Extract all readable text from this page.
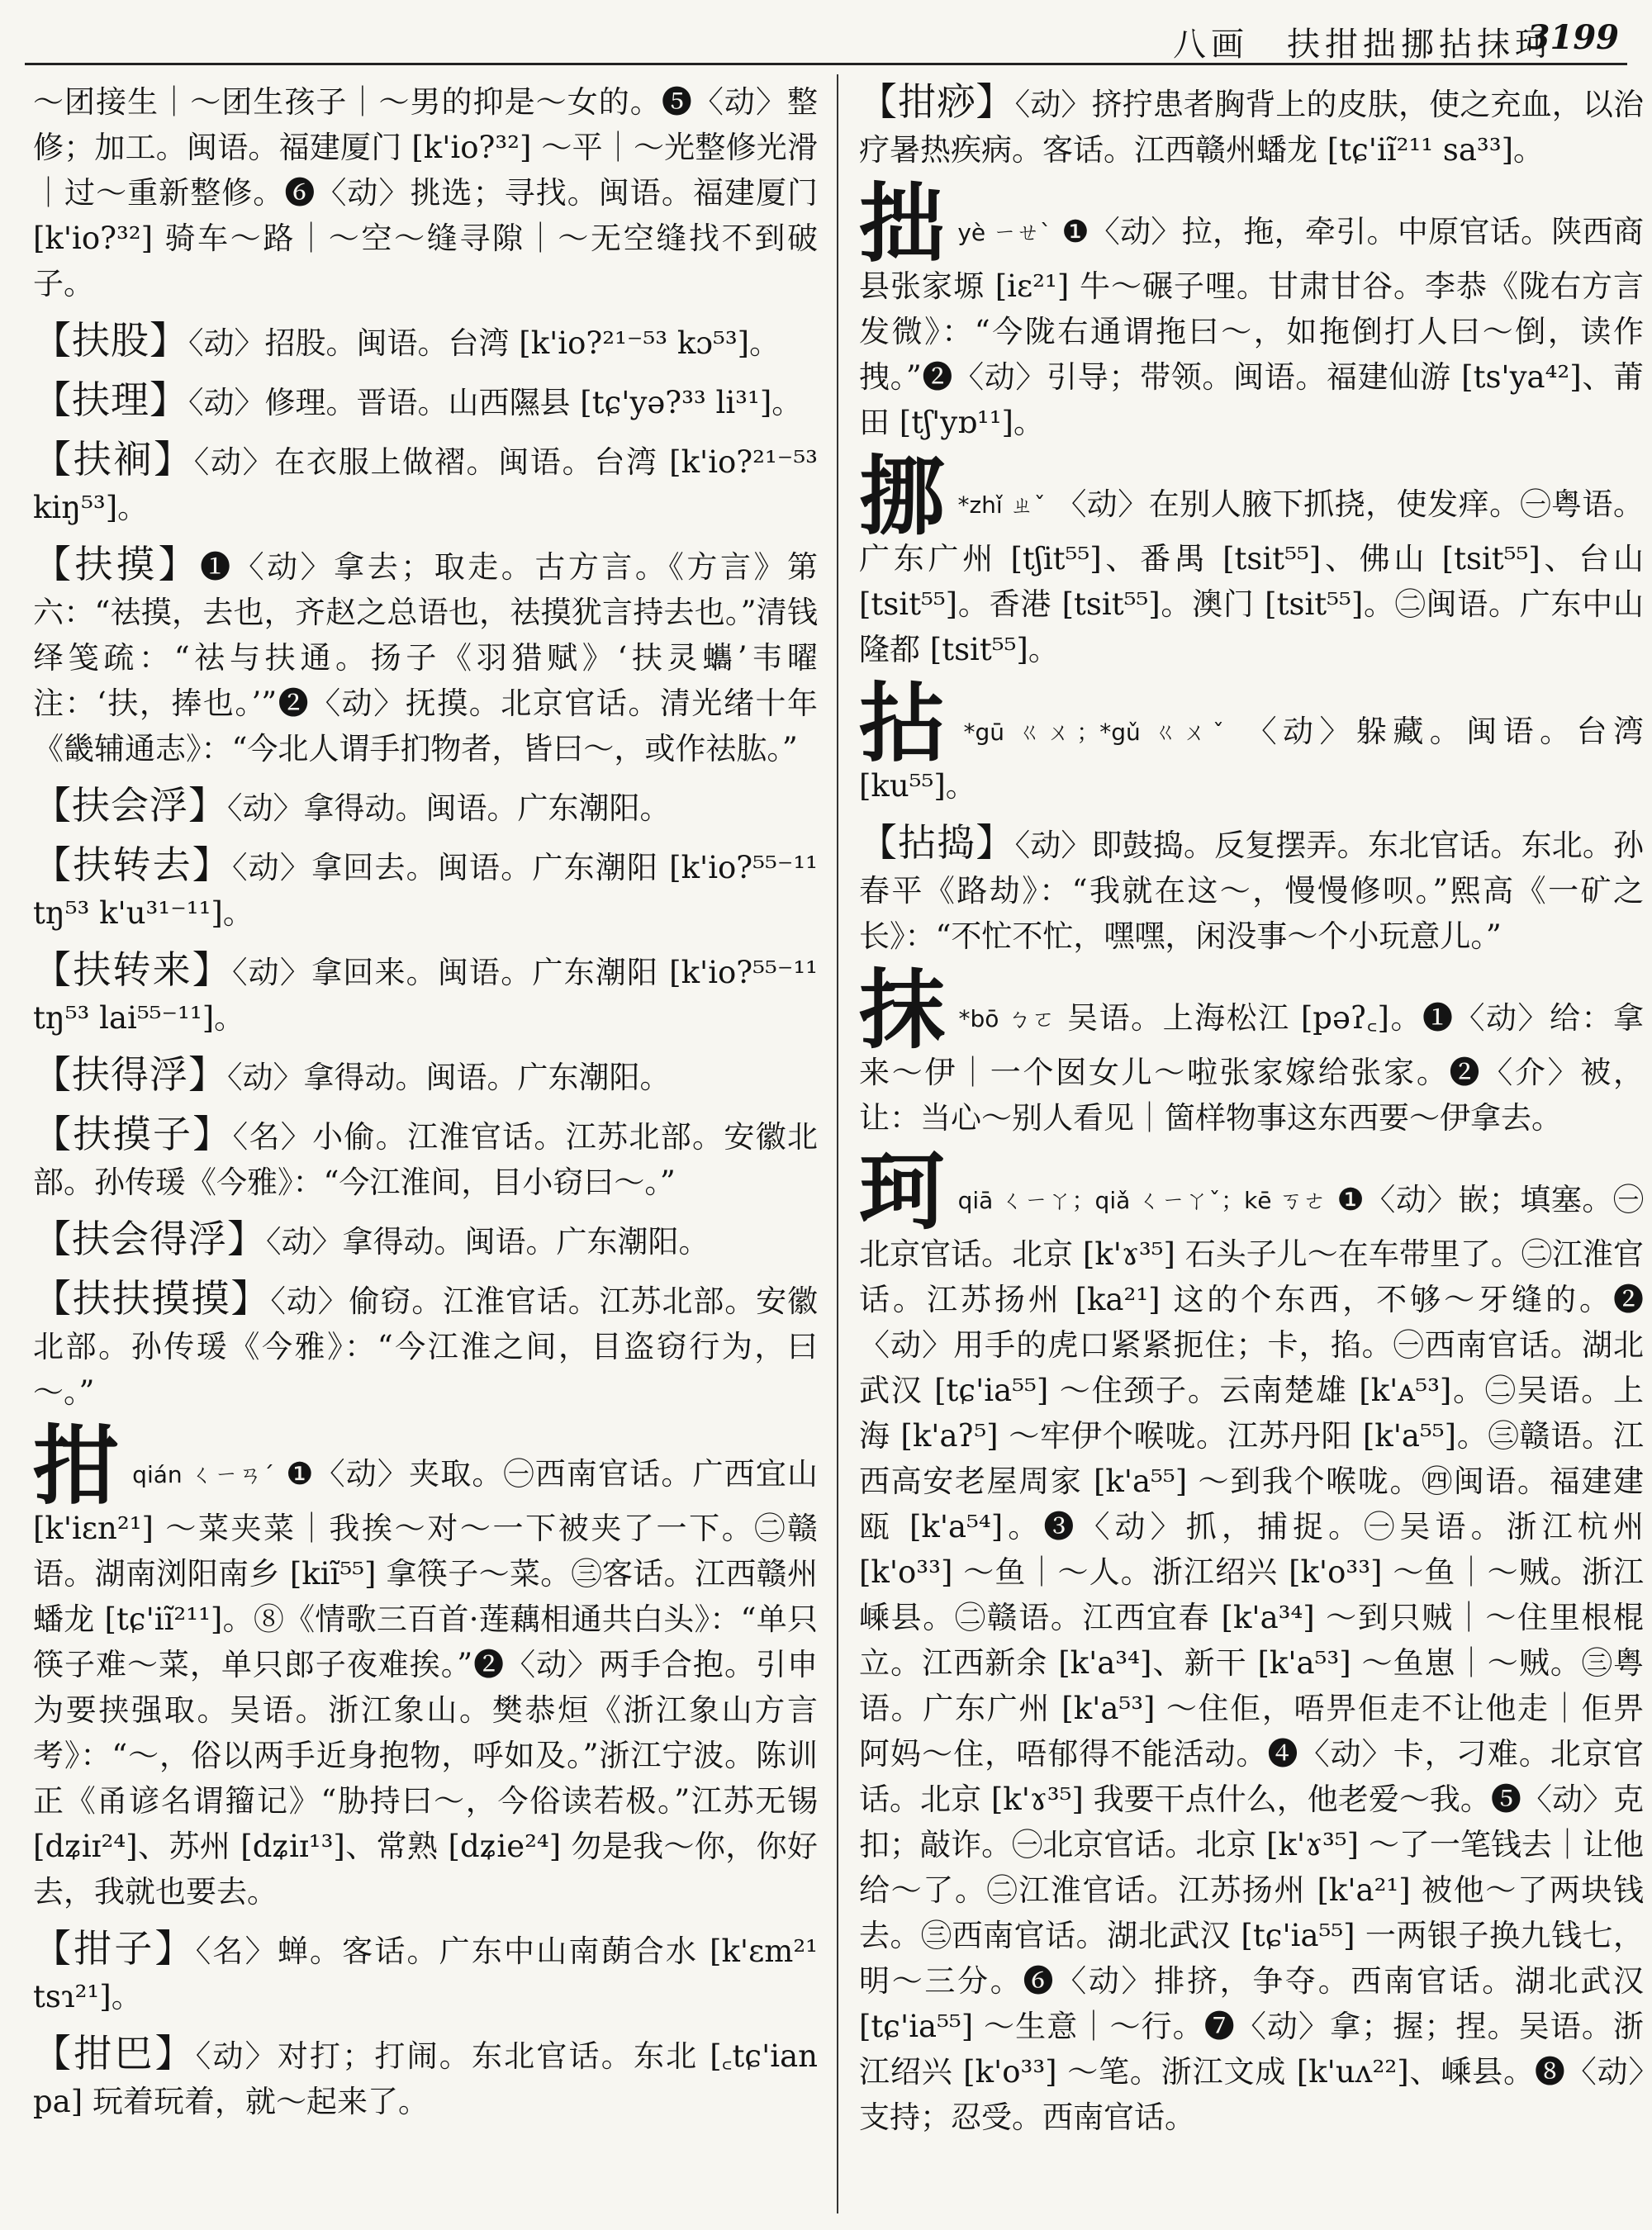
八画　扶拑拙挪拈抹珂
3199
～团接生｜～团生孩子｜～男的抑是～女的。❺〈动〉整修；加工。闽语。福建厦门 [k'io?³²] ～平｜～光整修光滑｜过～重新整修。❻〈动〉挑选；寻找。闽语。福建厦门 [k'io?³²] 骑车～路｜～空～缝寻隙｜～无空缝找不到破子。
【扶股】〈动〉招股。闽语。台湾 [k'io?²¹⁻⁵³ kɔ⁵³]。
【扶理】〈动〉修理。晋语。山西隰县 [tɕ'yə?³³ li³¹]。
【扶裥】〈动〉在衣服上做褶。闽语。台湾 [k'io?²¹⁻⁵³ kiŋ⁵³]。
【扶摸】❶〈动〉拿去；取走。古方言。《方言》第六：“祛摸，去也，齐赵之总语也，祛摸犹言持去也。”清钱绎笺疏：“祛与扶通。扬子《羽猎赋》‘扶灵蠵’韦曜注：‘扶，捧也。’”❷〈动〉抚摸。北京官话。清光绪十年《畿辅通志》：“今北人谓手扪物者，皆曰～，或作祛肱。”
【扶会浮】〈动〉拿得动。闽语。广东潮阳。
【扶转去】〈动〉拿回去。闽语。广东潮阳 [k'io?⁵⁵⁻¹¹ tŋ⁵³ k'u³¹⁻¹¹]。
【扶转来】〈动〉拿回来。闽语。广东潮阳 [k'io?⁵⁵⁻¹¹ tŋ⁵³ lai⁵⁵⁻¹¹]。
【扶得浮】〈动〉拿得动。闽语。广东潮阳。
【扶摸子】〈名〉小偷。江淮官话。江苏北部。安徽北部。孙传瑗《今雅》：“今江淮间，目小窃曰～。”
【扶会得浮】〈动〉拿得动。闽语。广东潮阳。
【扶扶摸摸】〈动〉偷窃。江淮官话。江苏北部。安徽北部。孙传瑗《今雅》：“今江淮之间，目盗窃行为，曰～。”
拑qián ㄑㄧㄢˊ ❶〈动〉夹取。㊀西南官话。广西宜山 [k'iɛn²¹] ～菜夹菜｜我挨～对～一下被夹了一下。㊁赣语。湖南浏阳南乡 [kiĩ⁵⁵] 拿筷子～菜。㊂客话。江西赣州蟠龙 [tɕ'iĩ²¹¹]。⑧《情歌三百首·莲藕相通共白头》：“单只筷子难～菜，单只郎子夜难挨。”❷〈动〉两手合抱。引申为要挟强取。吴语。浙江象山。樊恭烜《浙江象山方言考》：“～，俗以两手近身抱物，呼如及。”浙江宁波。陈训正《甬谚名谓籀记》“胁持曰～，今俗读若极。”江苏无锡 [dʑiɪ²⁴]、苏州 [dʑiɪ¹³]、常熟 [dʑie²⁴] 勿是我～你，你好去，我就也要去。
【拑子】〈名〉蝉。客话。广东中山南蓢合水 [k'ɛm²¹ tsɿ²¹]。
【拑巴】〈动〉对打；打闹。东北官话。东北 [꜀tɕ'ian pa] 玩着玩着，就～起来了。
【拑痧】〈动〉挤拧患者胸背上的皮肤，使之充血，以治疗暑热疾病。客话。江西赣州蟠龙 [tɕ'iĩ²¹¹ sa³³]。
拙yè ㄧㄝˋ ❶〈动〉拉，拖，牵引。中原官话。陕西商县张家塬 [iɛ²¹] 牛～碾子哩。甘肃甘谷。李恭《陇右方言发微》：“今陇右通谓拖曰～，如拖倒打人曰～倒，读作拽。”❷〈动〉引导；带领。闽语。福建仙游 [ts'ya⁴²]、莆田 [tʃ'yɒ¹¹]。
挪 *zhǐ ㄓˇ 〈动〉在别人腋下抓挠，使发痒。㊀粤语。广东广州 [tʃit⁵⁵]、番禺 [tsit⁵⁵]、佛山 [tsit⁵⁵]、台山 [tsit⁵⁵]。香港 [tsit⁵⁵]。澳门 [tsit⁵⁵]。㊁闽语。广东中山隆都 [tsit⁵⁵]。
拈 *gū ㄍㄨ；*gǔ ㄍㄨˇ 〈动〉躲藏。闽语。台湾 [ku⁵⁵]。
【拈捣】〈动〉即鼓捣。反复摆弄。东北官话。东北。孙春平《路劫》：“我就在这～，慢慢修呗。”熙高《一矿之长》：“不忙不忙，嘿嘿，闲没事～个小玩意儿。”
抹 *bō ㄅㄛ 吴语。上海松江 [pəʔ꜀]。❶〈动〉给：拿来～伊｜一个囡女儿～啦张家嫁给张家。❷〈介〉被，让：当心～别人看见｜箇样物事这东西要～伊拿去。
珂qiā ㄑㄧㄚ；qiǎ ㄑㄧㄚˇ；kē ㄎㄜ ❶〈动〉嵌；填塞。㊀北京官话。北京 [k'ɤ³⁵] 石头子儿～在车带里了。㊁江淮官话。江苏扬州 [ka²¹] 这的个东西，不够～牙缝的。❷〈动〉用手的虎口紧紧扼住；卡，掐。㊀西南官话。湖北武汉 [tɕ'ia⁵⁵] ～住颈子。云南楚雄 [k'ᴀ⁵³]。㊁吴语。上海 [k'aʔ⁵] ～牢伊个喉咙。江苏丹阳 [k'a⁵⁵]。㊂赣语。江西高安老屋周家 [k'a⁵⁵] ～到我个喉咙。㊃闽语。福建建瓯 [k'a⁵⁴]。❸〈动〉抓，捕捉。㊀吴语。浙江杭州 [k'o³³] ～鱼｜～人。浙江绍兴 [k'o³³] ～鱼｜～贼。浙江嵊县。㊁赣语。江西宜春 [k'a³⁴] ～到只贼｜～住里根棍立。江西新余 [k'a³⁴]、新干 [k'a⁵³] ～鱼崽｜～贼。㊂粤语。广东广州 [k'a⁵³] ～住佢，唔畀佢走不让他走｜佢畀阿妈～住，唔郁得不能活动。❹〈动〉卡，刁难。北京官话。北京 [k'ɤ³⁵] 我要干点什么，他老爱～我。❺〈动〉克扣；敲诈。㊀北京官话。北京 [k'ɤ³⁵] ～了一笔钱去｜让他给～了。㊁江淮官话。江苏扬州 [k'a²¹] 被他～了两块钱去。㊂西南官话。湖北武汉 [tɕ'ia⁵⁵] 一两银子换九钱七，明～三分。❻〈动〉排挤，争夺。西南官话。湖北武汉 [tɕ'ia⁵⁵] ～生意｜～行。❼〈动〉拿；握；捏。吴语。浙江绍兴 [k'o³³] ～笔。浙江文成 [k'uʌ²²]、嵊县。❽〈动〉支持；忍受。西南官话。
